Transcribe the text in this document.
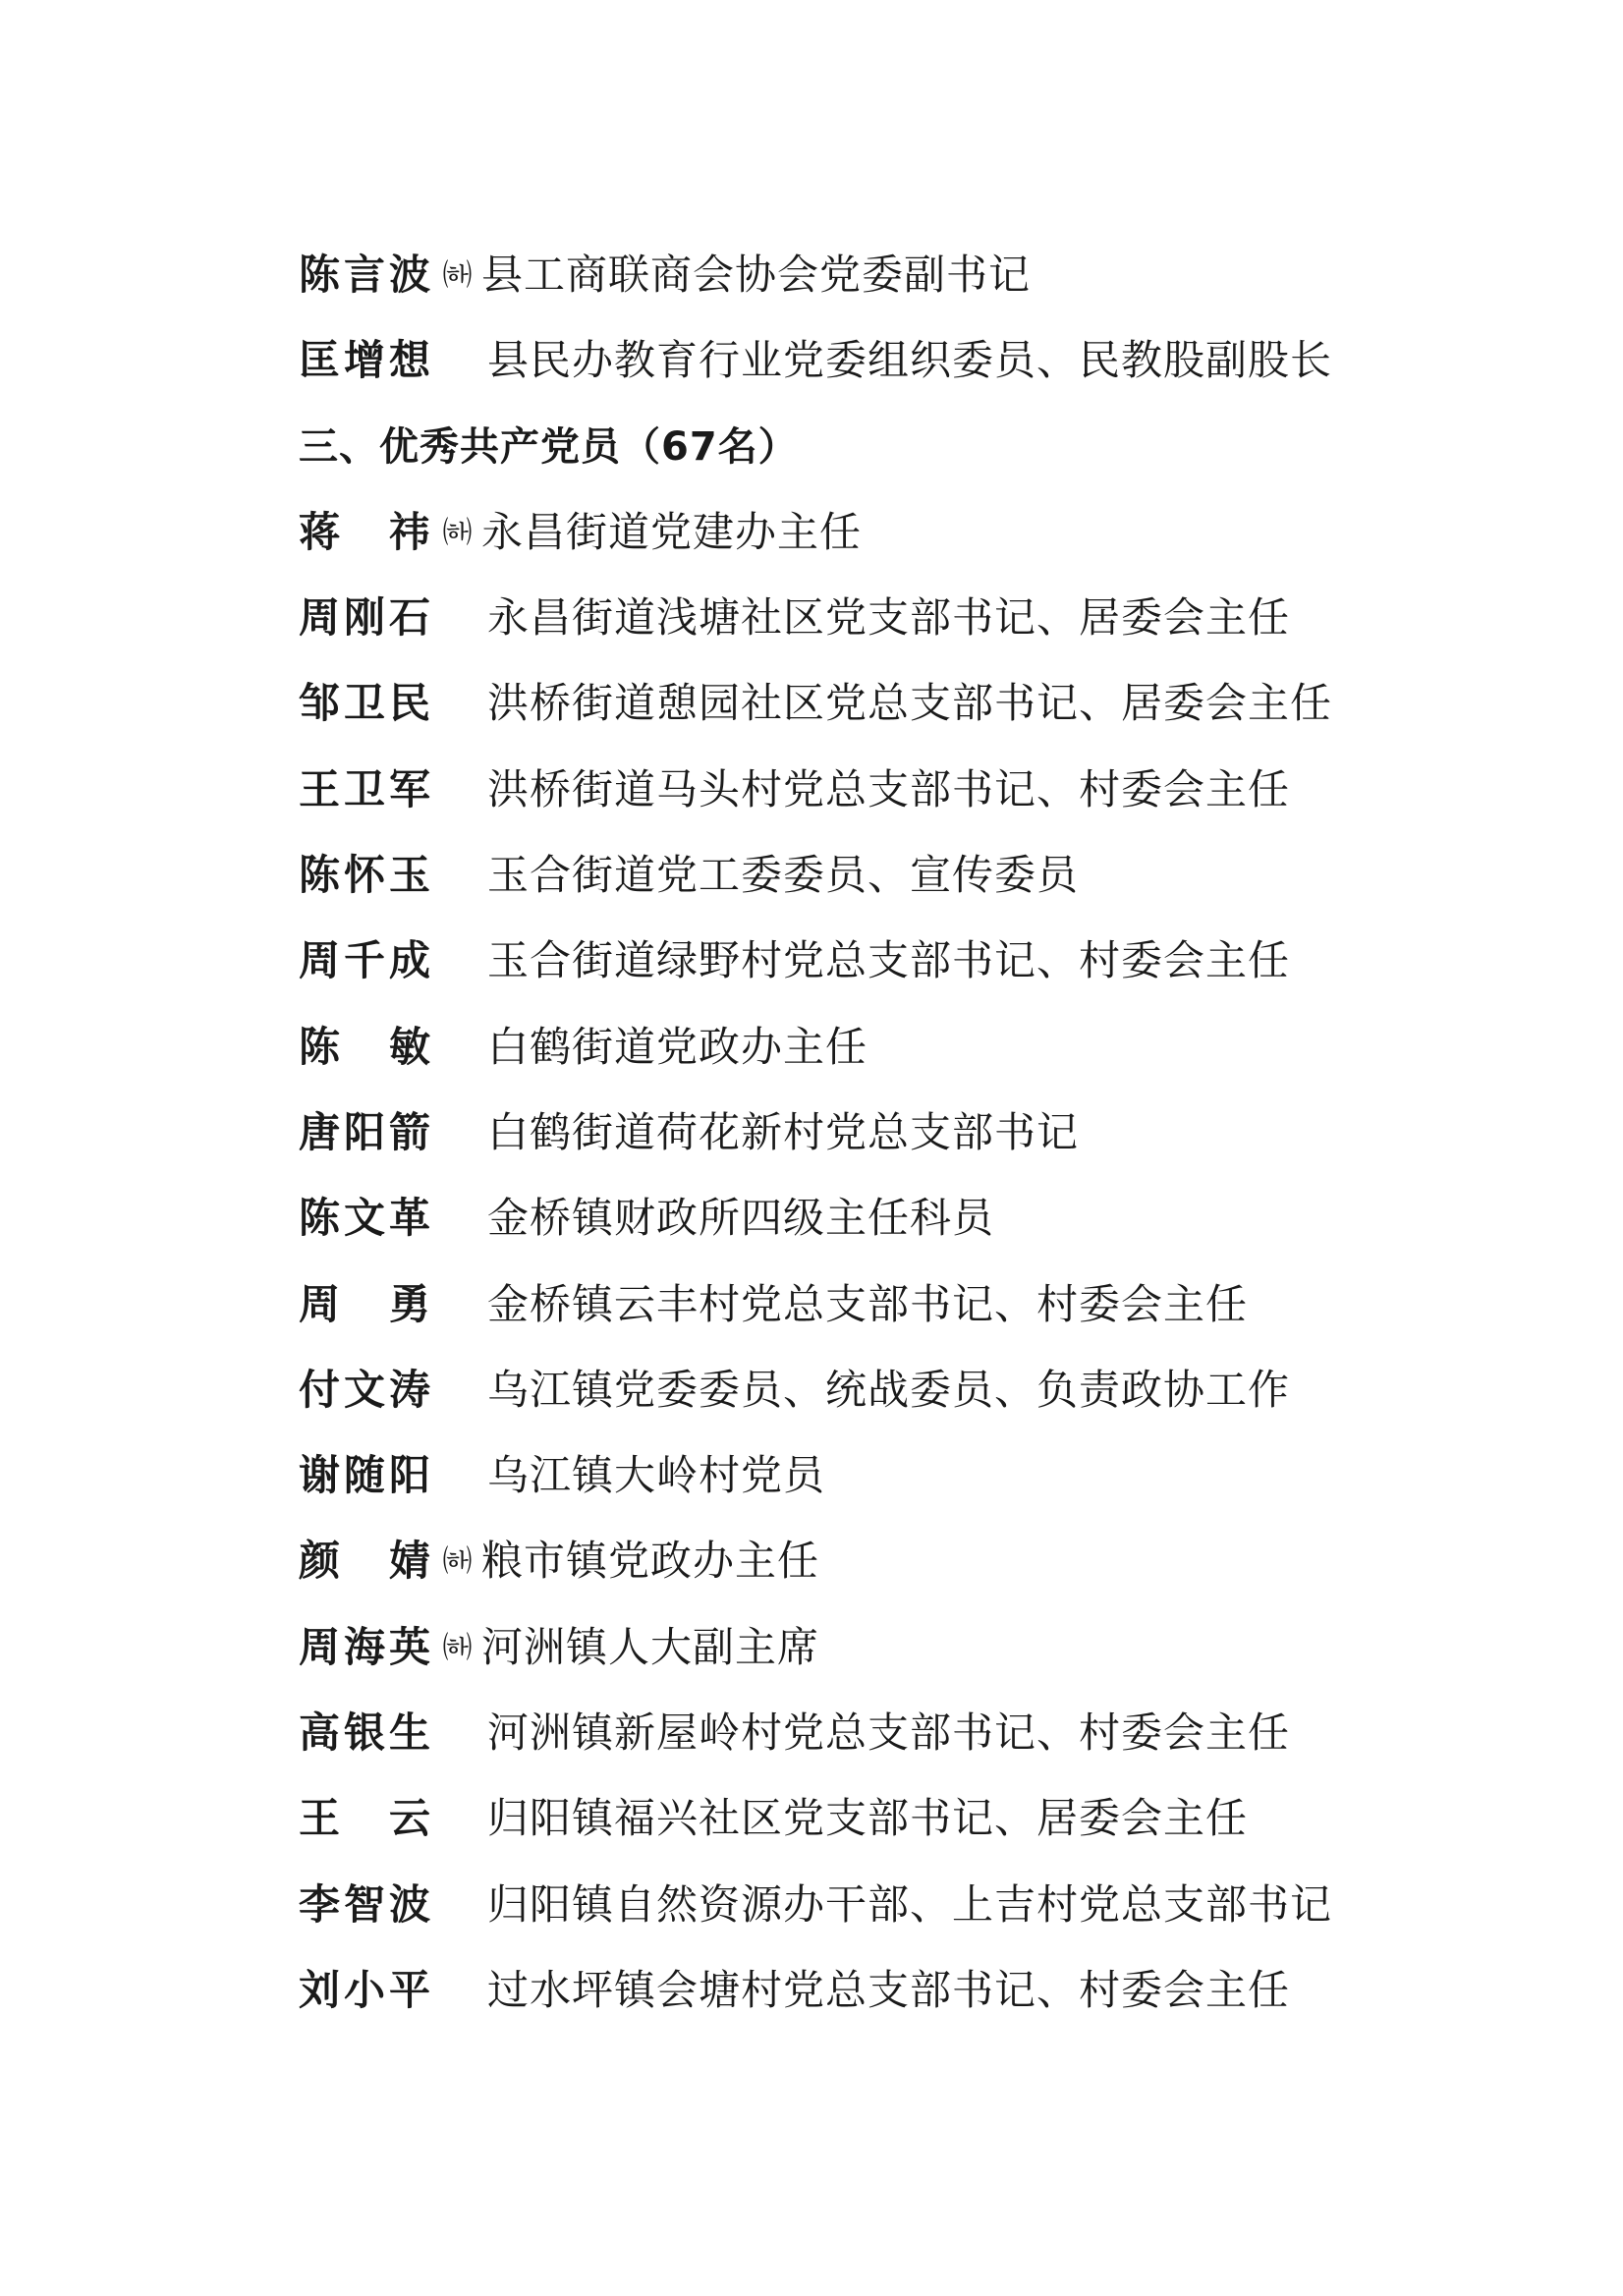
陈言波 ㈛ 县工商联商会协会党委副书记
匡增想 县民办教育行业党委组织委员、民教股副股长
三、优秀共产党员（67名）
蒋　祎 ㈛ 永昌街道党建办主任
周刚石 永昌街道浅塘社区党支部书记、居委会主任
邹卫民 洪桥街道憩园社区党总支部书记、居委会主任
王卫军 洪桥街道马头村党总支部书记、村委会主任
陈怀玉 玉合街道党工委委员、宣传委员
周千成 玉合街道绿野村党总支部书记、村委会主任
陈　敏 白鹤街道党政办主任
唐阳箭 白鹤街道荷花新村党总支部书记
陈文革 金桥镇财政所四级主任科员
周　勇 金桥镇云丰村党总支部书记、村委会主任
付文涛 乌江镇党委委员、统战委员、负责政协工作
谢随阳 乌江镇大岭村党员
颜　婧 ㈛ 粮市镇党政办主任
周海英 ㈛ 河洲镇人大副主席
高银生 河洲镇新屋岭村党总支部书记、村委会主任
王　云 归阳镇福兴社区党支部书记、居委会主任
李智波 归阳镇自然资源办干部、上吉村党总支部书记
刘小平 过水坪镇会塘村党总支部书记、村委会主任
